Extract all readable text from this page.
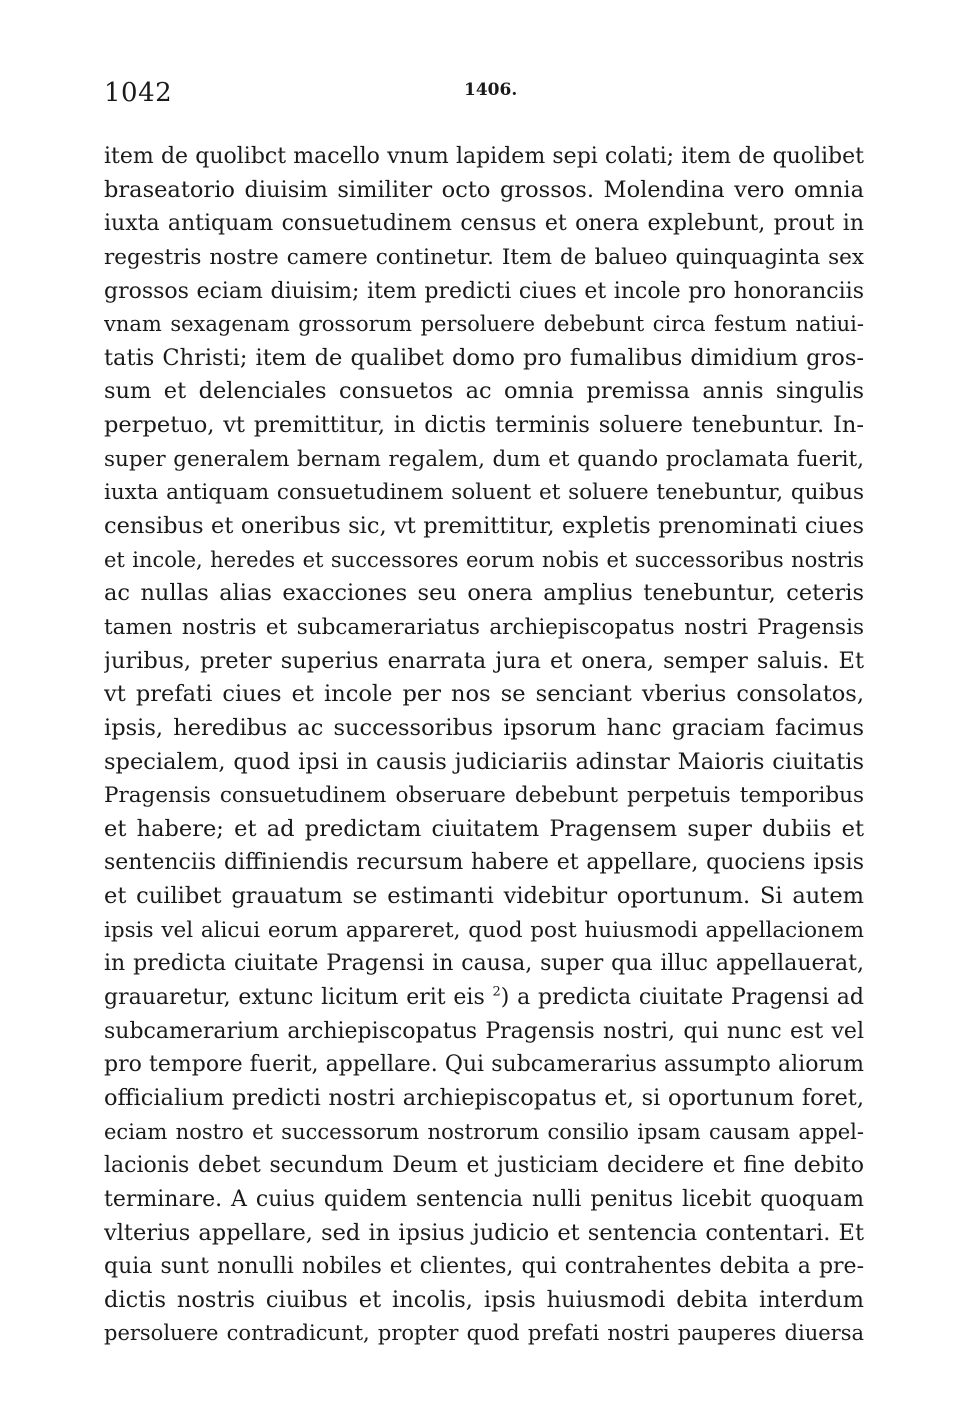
1042	1406.
item de quolibct macello vnum lapidem sepi colati; item de quolibet
braseatorio diuisim similiter octo grossos. Molendina vero omnia
iuxta antiquam consuetudinem census et onera explebunt, prout in
regestris nostre camere continetur. Item de balueo quinquaginta sex
grossos eciam diuisim; item predicti ciues et incole pro honoranciis
vnam sexagenam grossorum persoluere debebunt circa festum natiui-
tatis Christi; item de qualibet domo pro fumalibus dimidium gros-
sum et delenciales consuetos ac omnia premissa annis singulis
perpetuo, vt premittitur, in dictis terminis soluere tenebuntur. In-
super generalem bernam regalem, dum et quando proclamata fuerit,
iuxta antiquam consuetudinem soluent et soluere tenebuntur, quibus
censibus et oneribus sic, vt premittitur, expletis prenominati ciues
et incole, heredes et successores eorum nobis et successoribus nostris
ac nullas alias exacciones seu onera amplius tenebuntur, ceteris
tamen nostris et subcamerariatus archiepiscopatus nostri Pragensis
juribus, preter superius enarrata jura et onera, semper saluis. Et
vt prefati ciues et incole per nos se senciant vberius consolatos,
ipsis, heredibus ac successoribus ipsorum hanc graciam facimus
specialem, quod ipsi in causis judiciariis adinstar Maioris ciuitatis
Pragensis consuetudinem obseruare debebunt perpetuis temporibus
et habere; et ad predictam ciuitatem Pragensem super dubiis et
sentenciis diffiniendis recursum habere et appellare, quociens ipsis
et cuilibet grauatum se estimanti videbitur oportunum. Si autem
ipsis vel alicui eorum appareret, quod post huiusmodi appellacionem
in predicta ciuitate Pragensi in causa, super qua illuc appellauerat,
grauaretur, extunc licitum erit eis $^2$) a predicta ciuitate Pragensi ad
subcamerarium archiepiscopatus Pragensis nostri, qui nunc est vel
pro tempore fuerit, appellare. Qui subcamerarius assumpto aliorum
officialium predicti nostri archiepiscopatus et, si oportunum foret,
eciam nostro et successorum nostrorum consilio ipsam causam appel-
lacionis debet secundum Deum et justiciam decidere et fine debito
terminare. A cuius quidem sentencia nulli penitus licebit quoquam
vlterius appellare, sed in ipsius judicio et sentencia contentari. Et
quia sunt nonulli nobiles et clientes, qui contrahentes debita a pre-
dictis nostris ciuibus et incolis, ipsis huiusmodi debita interdum
persoluere contradicunt, propter quod prefati nostri pauperes diuersa
